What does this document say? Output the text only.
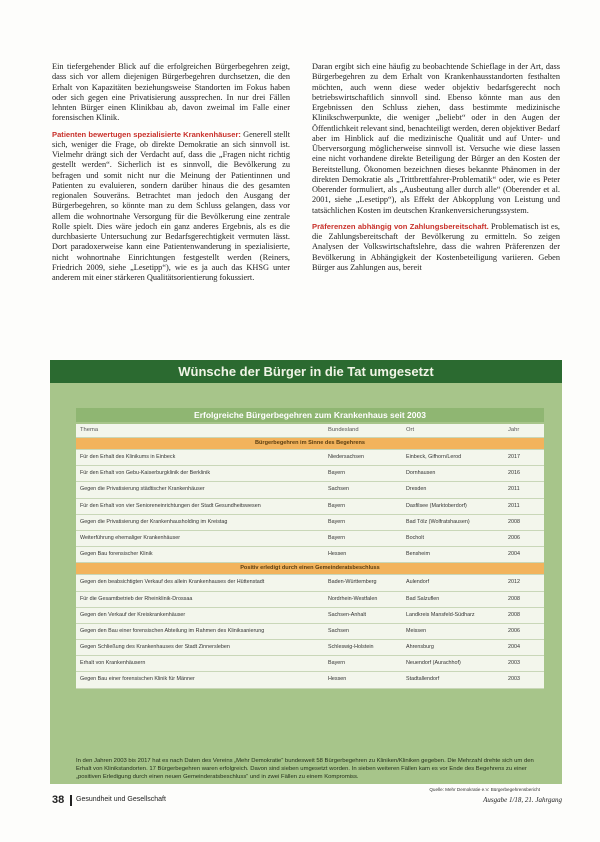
Ein tiefergehender Blick auf die erfolgreichen Bürgerbegehren zeigt, dass sich vor allem diejenigen Bürgerbegehren durchsetzen, die den Erhalt von Kapazitäten beziehungsweise Standorten im Fokus haben oder sich gegen eine Privatisierung aussprechen. In nur drei Fällen lehnten Bürger einen Klinikbau ab, davon zweimal im Falle einer forensischen Klinik.

Patienten bewertugen spezialisierte Krankenhäuser: Generell stellt sich, weniger die Frage, ob direkte Demokratie an sich sinnvoll ist. Vielmehr drängt sich der Verdacht auf, dass die „Fragen nicht richtig gestellt werden“. Sicherlich ist es sinnvoll, die Bevölkerung zu befragen und somit nicht nur die Meinung der Patientinnen und Patienten zu evaluieren, sondern darüber hinaus die des gesamten regionalen Souveräns. Betrachtet man jedoch den Ausgang der Bürgerbegehren, so könnte man zu dem Schluss gelangen, dass vor allem die wohnortnahe Versorgung für die Bevölkerung eine zentrale Rolle spielt. Dies wäre jedoch ein ganz anderes Ergebnis, als es die durchbasierte Untersuchung zur Bedarfsgerechtigkeit vermuten lässt. Dort paradoxerweise kann eine Patientenwanderung in spezialisierte, nicht wohnortnahe Einrichtungen festgestellt werden (Reiners, Friedrich 2009, siehe „Lesetipp“), wie es ja auch das KHSG unter anderem mit einer stärkeren Qualitätsorientierung fokussiert.

Daran ergibt sich eine häufig zu beobachtende Schieflage in der Art, dass Bürgerbegehren zu dem Erhalt von Krankenhausstandorten festhalten möchten, auch wenn diese weder objektiv bedarfsgerecht noch betriebswirtschaftlich sinnvoll sind. Ebenso könnte man aus den Ergebnissen den Schluss ziehen, dass bestimmte medizinische Klinikschwerpunkte, die weniger „beliebt“ oder in den Augen der Öffentlichkeit relevant sind, benachteiligt werden, deren objektiver Bedarf aber im Hinblick auf die medizinische Qualität und auf Unter- und Überversorgung möglicherweise sinnvoll ist. Versuche wie diese lassen eine nicht vorhandene direkte Beteiligung der Bürger an den Kosten der Bereitstellung. Ökonomen bezeichnen dieses bekannte Phänomen in der direkten Demokratie als „Trittbrettfahrer-Problematik“ oder, wie es Peter Oberender formuliert, als „Ausbeutung aller durch alle“ (Oberender et al. 2001, siehe „Lesetipp“), als Effekt der Abkopplung von Leistung und tatsächlichen Kosten im deutschen Krankenversicherungssystem.

Präferenzen abhängig von Zahlungsbereitschaft. Problematisch ist es, die Zahlungsbereitschaft der Bevölkerung zu ermitteln. So zeigen Analysen der Volkswirtschaftslehre, dass die wahren Präferenzen der Bevölkerung in Abhängigkeit der Kostenbeteiligung variieren. Geben Bürger aus Zahlungen aus, bereit

Wünsche der Bürger in die Tat umgesetzt
Erfolgreiche Bürgerbegehren zum Krankenhaus seit 2003
Thema	Bundesland	Ort	Jahr
Bürgerbegehren im Sinne des Begehrens
Für den Erhalt des Klinikums in Einbeck	Niedersachsen	Einbeck, Gifhorn/Lerod	2017
Für den Erhalt von Gebu-Kaiserburgklinik der Berklinik	Bayern	Dornhausen	2016
Gegen die Privatisierung städtischer Krankenhäuser	Sachsen	Dresden	2011
Für den Erhalt von vier Senioreneinrichtungen der Stadt Gesundheitswesen	Bayern	Dasfilsee (Marktoberdorf)	2011
Gegen die Privatisierung der Krankenhausholding im Kreistag	Bayern	Bad Tölz (Wolfratshausen)	2008
Weiterführung ehemaliger Krankenhäuser	Bayern	Bocholt	2006
Gegen Bau forensischer Klinik	Hessen	Bensheim	2004
Positiv erledigt durch einen Gemeinderatsbeschluss
Gegen den beabsichtigten Verkauf des allein Krankenhauses der Hüttenstadt	Baden-Württemberg	Aulendorf	2012
Für die Gesamtbetrieb der Rheinklinik-Drossaa	Nordrhein-Westfalen	Bad Salzuflen	2008
Gegen den Verkauf der Kreiskrankenhäuser	Sachsen-Anhalt	Landkreis Mansfeld-Südharz	2008
Gegen den Bau einer forensischen Abteilung im Rahmen des Kliniksanierung	Sachsen	Meissen	2006
Gegen Schließung des Krankenhauses der Stadt Zinnersleben	Schleswig-Holstein	Ahrensburg	2004
Erhalt von Krankenhäusern	Bayern	Neuendorf (Aurachhof)	2003
Gegen Bau einer forensischen Klinik für Männer	Hessen	Stadtallendorf	2003
In den Jahren 2003 bis 2017 hat es nach Daten des Vereins „Mehr Demokratie“ bundesweit 58 Bürgerbegehren zu Kliniken/Kliniken gegeben. Die Mehrzahl drehte sich um den Erhalt von Klinikstandorten. 17 Bürgerbegehren waren erfolgreich. Davon sind sieben umgesetzt worden. In sieben weiteren Fällen kam es vor Ende des Begehrens zu einer „positiven Erledigung durch einen neuen Gemeinderatsbeschluss“ und in zwei Fällen zu einem Kompromiss.
Quelle: Mehr Demokratie e.V. Bürgerbegehrensbericht
38 Gesundheit und Gesellschaft	Ausgabe 1/18, 21. Jahrgang
